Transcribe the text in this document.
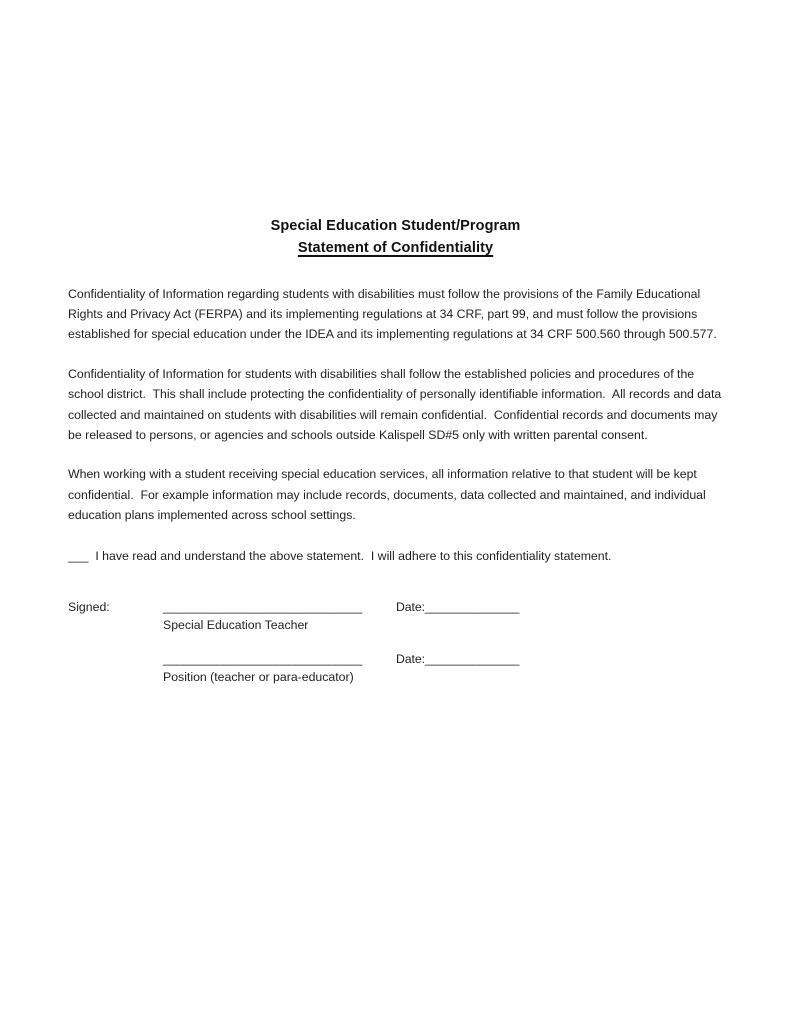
Special Education Student/Program
Statement of Confidentiality

Confidentiality of Information regarding students with disabilities must follow the provisions of the Family Educational Rights and Privacy Act (FERPA) and its implementing regulations at 34 CRF, part 99, and must follow the provisions established for special education under the IDEA and its implementing regulations at 34 CRF 500.560 through 500.577.

Confidentiality of Information for students with disabilities shall follow the established policies and procedures of the school district.  This shall include protecting the confidentiality of personally identifiable information.  All records and data collected and maintained on students with disabilities will remain confidential.  Confidential records and documents may be released to persons, or agencies and schools outside Kalispell SD#5 only with written parental consent.

When working with a student receiving special education services, all information relative to that student will be kept confidential.  For example information may include records, documents, data collected and maintained, and individual education plans implemented across school settings.

___  I have read and understand the above statement.  I will adhere to this confidentiality statement.
Signed:	______________________________
Special Education Teacher
Date:______________
______________________________
Position (teacher or para-educator)
Date:______________
